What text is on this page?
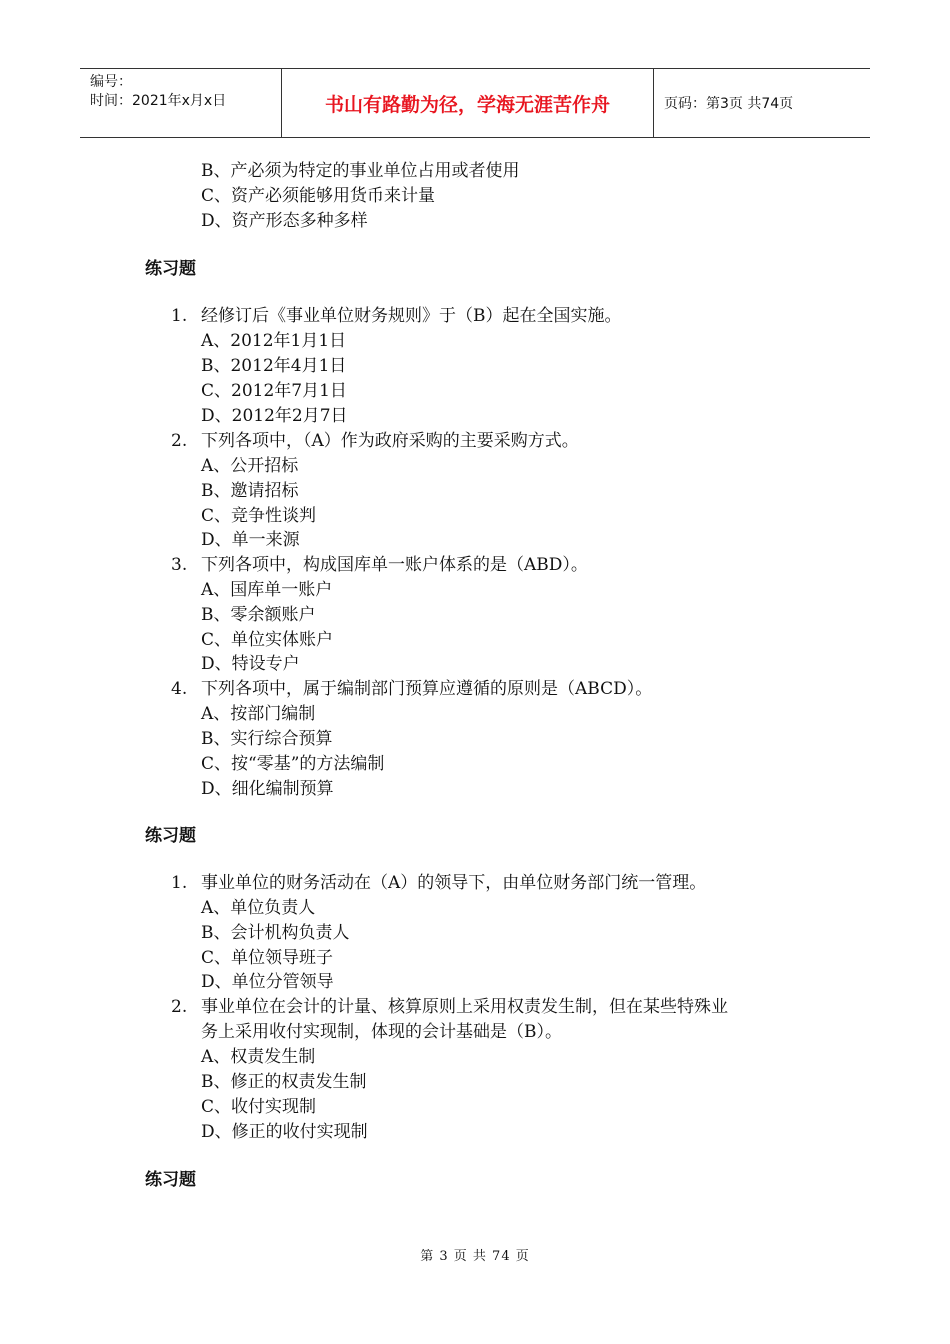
编号：
时间：2021年x月x日	书山有路勤为径，学海无涯苦作舟	页码：第3页 共74页
B、产必须为特定的事业单位占用或者使用
C、资产必须能够用货币来计量
D、资产形态多种多样
练习题
1. 经修订后《事业单位财务规则》于（B）起在全国实施。
A、2012年1月1日
B、2012年4月1日
C、2012年7月1日
D、2012年2月7日
2. 下列各项中，（A）作为政府采购的主要采购方式。
A、公开招标
B、邀请招标
C、竞争性谈判
D、单一来源
3. 下列各项中，构成国库单一账户体系的是（ABD）。
A、国库单一账户
B、零余额账户
C、单位实体账户
D、特设专户
4. 下列各项中，属于编制部门预算应遵循的原则是（ABCD）。
A、按部门编制
B、实行综合预算
C、按“零基”的方法编制
D、细化编制预算
练习题
1. 事业单位的财务活动在（A）的领导下，由单位财务部门统一管理。
A、单位负责人
B、会计机构负责人
C、单位领导班子
D、单位分管领导
2. 事业单位在会计的计量、核算原则上采用权责发生制，但在某些特殊业
务上采用收付实现制，体现的会计基础是（B）。
A、权责发生制
B、修正的权责发生制
C、收付实现制
D、修正的收付实现制
练习题
第 3 页 共 74 页
